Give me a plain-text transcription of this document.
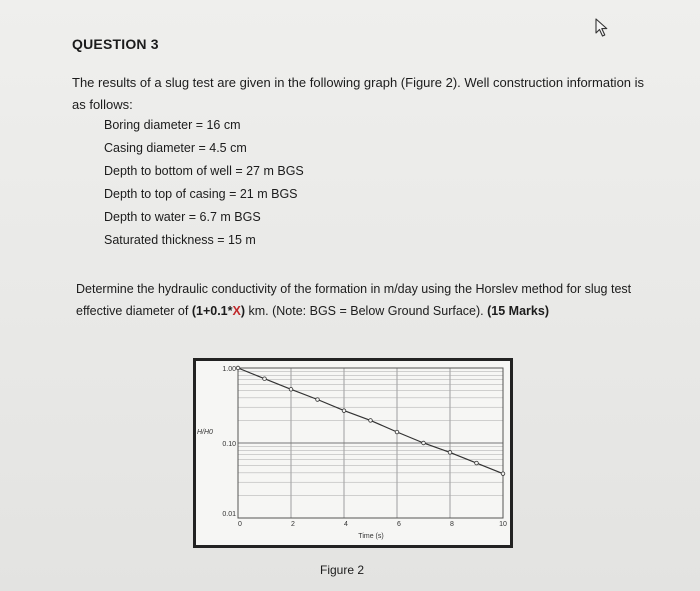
QUESTION 3
The results of a slug test are given in the following graph (Figure 2). Well construction information is as follows:
Boring diameter = 16 cm
Casing diameter = 4.5 cm
Depth to bottom of well = 27 m BGS
Depth to top of casing = 21 m BGS
Depth to water = 6.7 m BGS
Saturated thickness = 15 m
Determine the hydraulic conductivity of the formation in m/day using the Horslev method for slug test effective diameter of (1+0.1*X) km. (Note: BGS = Below Ground Surface). (15 Marks)
1.00
0.10
0.01
H/H0
0	2	4	6	8	10
Time (s)
Figure 2
